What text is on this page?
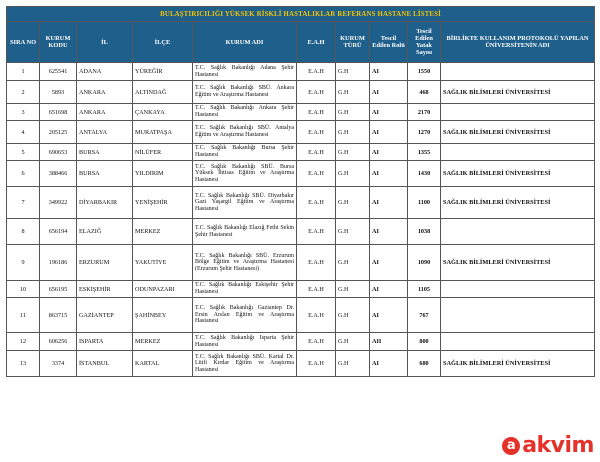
BULAŞTIRICILIĞI YÜKSEK RİSKLİ HASTALIKLAR REFERANS HASTANE LİSTESİ									
SIRA NO	KURUM KODU	İL	İLÇE	KURUM ADI	E.A.H	KURUM TÜRÜ	Tescil Edilen Rolü	Tescil Edilen Yatak Sayısı	BİRLİKTE KULLANIM PROTOKOLÜ YAPILAN ÜNİVERSİTENİN ADI
1	625541	ADANA	YÜREĞİR	T.C. Sağlık Bakanlığı Adana Şehir Hastanesi	E.A.H	G.H	AI	1550	
2	5893	ANKARA	ALTINDAĞ	T.C. Sağlık Bakanlığı SBÜ. Ankara Eğitim ve Araştırma Hastanesi	E.A.H	G.H	AI	468	SAĞLIK BİLİMLERİ ÜNİVERSİTESİ
3	651698	ANKARA	ÇANKAYA	T.C. Sağlık Bakanlığı Ankara Şehir Hastanesi	E.A.H	G.H	AI	2170	
4	205125	ANTALYA	MURATPAŞA	T.C. Sağlık Bakanlığı SBÜ. Antalya Eğitim ve Araştırma Hastanesi	E.A.H	G.H	AI	1270	SAĞLIK BİLİMLERİ ÜNİVERSİTESİ
5	690653	BURSA	NİLÜFER	T.C. Sağlık Bakanlığı Bursa Şehir Hastanesi	E.A.H	G.H	AI	1355	
6	388466	BURSA	YILDIRIM	T.C. Sağlık Bakanlığı SBÜ. Bursa Yüksek İhtisas Eğitim ve Araştırma Hastanesi	E.A.H	G.H	AI	1430	SAĞLIK BİLİMLERİ ÜNİVERSİTESİ
7	349922	DİYARBAKIR	YENİŞEHİR	T.C. Sağlık Bakanlığı SBÜ. Diyarbakır Gazi Yaşargil Eğitim ve Araştırma Hastanesi	E.A.H	G.H	AI	1100	SAĞLIK BİLİMLERİ ÜNİVERSİTESİ
8	656194	ELAZIĞ	MERKEZ	T.C. Sağlık Bakanlığı Elazığ Fethi Sekin Şehir Hastanesi	E.A.H	G.H	AI	1038	
9	196186	ERZURUM	YAKUTİYE	T.C. Sağlık Bakanlığı SBÜ. Erzurum Bölge Eğitim ve Araştırma Hastanesi (Erzurum Şehir Hastanesi)	E.A.H	G.H	AI	1090	SAĞLIK BİLİMLERİ ÜNİVERSİTESİ
10	656195	ESKİŞEHİR	ODUNPAZARI	T.C. Sağlık Bakanlığı Eskişehir Şehir Hastanesi	E.A.H	G.H	AI	1105	
11	863715	GAZİANTEP	ŞAHİNBEY	T.C. Sağlık Bakanlığı Gaziantep Dr. Ersin Arslan Eğitim ve Araştırma Hastanesi	E.A.H	G.H	AI	767	
12	606256	ISPARTA	MERKEZ	T.C. Sağlık Bakanlığı Isparta Şehir Hastanesi	E.A.H	G.H	AII	800	
13	3374	İSTANBUL	KARTAL	T.C. Sağlık Bakanlığı SBÜ. Kartal Dr. Lütfi Kırdar Eğitim ve Araştırma Hastanesi	E.A.H	G.H	AI	680	SAĞLIK BİLİMLERİ ÜNİVERSİTESİ
a akvim
